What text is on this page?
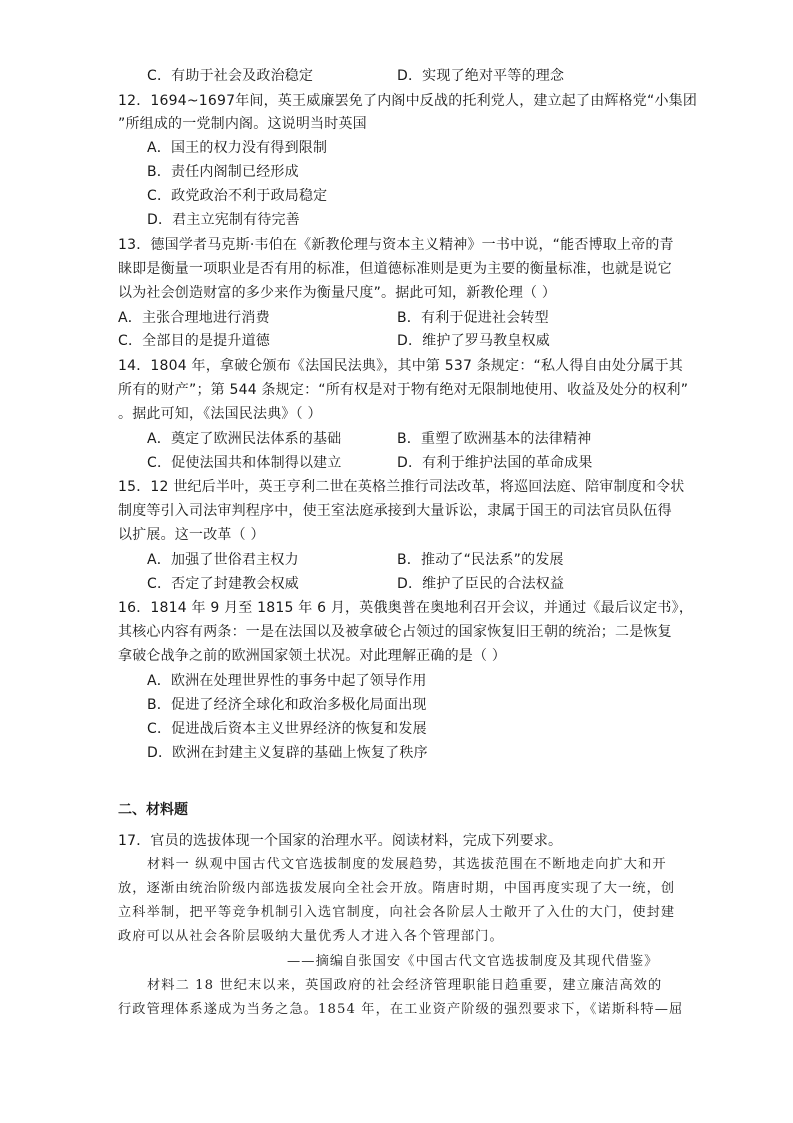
C．有助于社会及政治稳定	D．实现了绝对平等的理念
12．1694~1697年间，英王威廉罢免了内阁中反战的托利党人，建立起了由辉格党“小集团
”所组成的一党制内阁。这说明当时英国
A．国王的权力没有得到限制
B．责任内阁制已经形成
C．政党政治不利于政局稳定
D．君主立宪制有待完善
13．德国学者马克斯·韦伯在《新教伦理与资本主义精神》一书中说，“能否博取上帝的青
睐即是衡量一项职业是否有用的标准，但道德标准则是更为主要的衡量标准，也就是说它
以为社会创造财富的多少来作为衡量尺度”。据此可知，新教伦理（ ）
A．主张合理地进行消费	B．有利于促进社会转型
C．全部目的是提升道德	D．维护了罗马教皇权威
14．1804 年，拿破仑颁布《法国民法典》，其中第 537 条规定：“私人得自由处分属于其
所有的财产”；第 544 条规定：“所有权是对于物有绝对无限制地使用、收益及处分的权利”
。据此可知，《法国民法典》（ ）
A．奠定了欧洲民法体系的基础	B．重塑了欧洲基本的法律精神
C．促使法国共和体制得以建立	D．有利于维护法国的革命成果
15．12 世纪后半叶，英王亨利二世在英格兰推行司法改革，将巡回法庭、陪审制度和令状
制度等引入司法审判程序中，使王室法庭承接到大量诉讼，隶属于国王的司法官员队伍得
以扩展。这一改革（ ）
A．加强了世俗君主权力	B．推动了“民法系”的发展
C．否定了封建教会权威	D．维护了臣民的合法权益
16．1814 年 9 月至 1815 年 6 月，英俄奥普在奥地利召开会议，并通过《最后议定书》，
其核心内容有两条：一是在法国以及被拿破仑占领过的国家恢复旧王朝的统治；二是恢复
拿破仑战争之前的欧洲国家领土状况。对此理解正确的是（ ）
A．欧洲在处理世界性的事务中起了领导作用
B．促进了经济全球化和政治多极化局面出现
C．促进战后资本主义世界经济的恢复和发展
D．欧洲在封建主义复辟的基础上恢复了秩序
二、材料题
17．官员的选拔体现一个国家的治理水平。阅读材料，完成下列要求。
材料一 纵观中国古代文官选拔制度的发展趋势，其选拔范围在不断地走向扩大和开
放，逐渐由统治阶级内部选拔发展向全社会开放。隋唐时期，中国再度实现了大一统，创
立科举制，把平等竞争机制引入选官制度，向社会各阶层人士敞开了入仕的大门，使封建
政府可以从社会各阶层吸纳大量优秀人才进入各个管理部门。
——摘编自张国安《中国古代文官选拔制度及其现代借鉴》
材料二 18 世纪末以来，英国政府的社会经济管理职能日趋重要，建立廉洁高效的
行政管理体系遂成为当务之急。1854 年，在工业资产阶级的强烈要求下，《诺斯科特—屈
